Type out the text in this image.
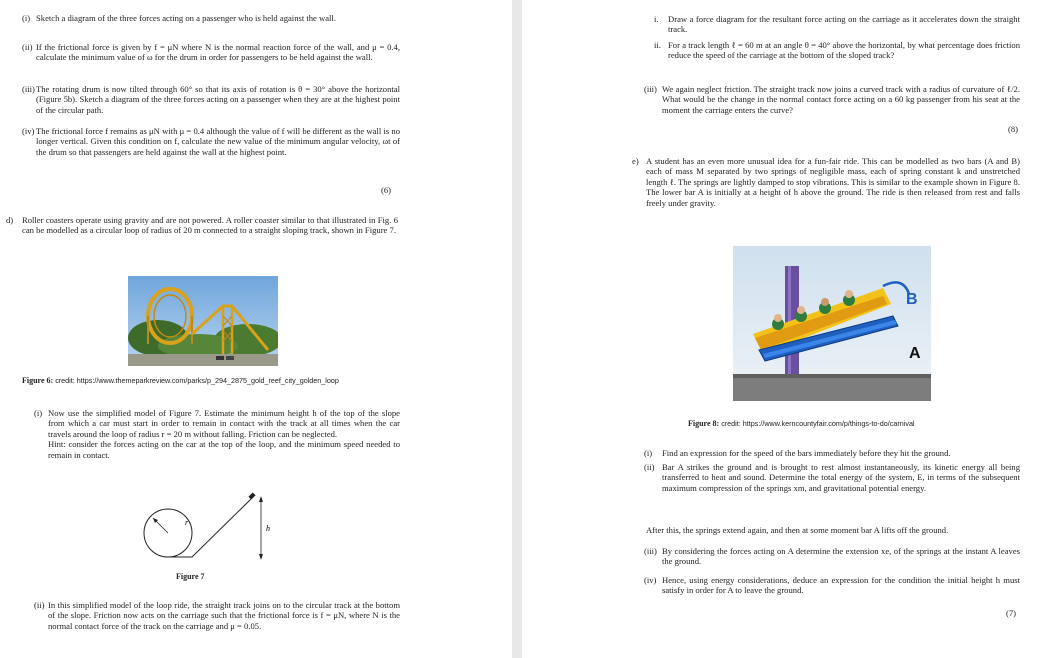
(i) Sketch a diagram of the three forces acting on a passenger who is held against the wall.
(ii) If the frictional force is given by f = μN where N is the normal reaction force of the wall, and μ = 0.4, calculate the minimum value of ω for the drum in order for passengers to be held against the wall.
(iii) The rotating drum is now tilted through 60° so that its axis of rotation is θ = 30° above the horizontal (Figure 5b). Sketch a diagram of the three forces acting on a passenger when they are at the highest point of the circular path.
(iv) The frictional force f remains as μN with μ = 0.4 although the value of f will be different as the wall is no longer vertical. Given this condition on f, calculate the new value of the minimum angular velocity, ωt of the drum so that passengers are held against the wall at the highest point.
(6)
d) Roller coasters operate using gravity and are not powered. A roller coaster similar to that illustrated in Fig. 6 can be modelled as a circular loop of radius of 20 m connected to a straight sloping track, shown in Figure 7.
Figure 6: credit: https://www.themeparkreview.com/parks/p_294_2875_gold_reef_city_golden_loop
(i) Now use the simplified model of Figure 7. Estimate the minimum height h of the top of the slope from which a car must start in order to remain in contact with the track at all times when the car travels around the loop of radius r = 20 m without falling. Friction can be neglected.
Hint: consider the forces acting on the car at the top of the loop, and the minimum speed needed to remain in contact.
r
h
Figure 7
(ii) In this simplified model of the loop ride, the straight track joins on to the circular track at the bottom of the slope. Friction now acts on the carriage such that the frictional force is f = μN, where N is the normal contact force of the track on the carriage and μ = 0.05.
i. Draw a force diagram for the resultant force acting on the carriage as it accelerates down the straight track.
ii. For a track length ℓ = 60 m at an angle θ = 40° above the horizontal, by what percentage does friction reduce the speed of the carriage at the bottom of the sloped track?
(iii) We again neglect friction. The straight track now joins a curved track with a radius of curvature of ℓ/2. What would be the change in the normal contact force acting on a 60 kg passenger from his seat at the moment the carriage enters the curve?
(8)
e) A student has an even more unusual idea for a fun-fair ride. This can be modelled as two bars (A and B) each of mass M separated by two springs of negligible mass, each of spring constant k and unstretched length ℓ. The springs are lightly damped to stop vibrations. This is similar to the example shown in Figure 8. The lower bar A is initially at a height of h above the ground. The ride is then released from rest and falls freely under gravity.
B
A
Figure 8: credit: https://www.kerncountyfair.com/p/things-to-do/carnival
(i) Find an expression for the speed of the bars immediately before they hit the ground.
(ii) Bar A strikes the ground and is brought to rest almost instantaneously, its kinetic energy all being transferred to heat and sound. Determine the total energy of the system, E, in terms of the subsequent maximum compression of the springs xm, and gravitational potential energy.
After this, the springs extend again, and then at some moment bar A lifts off the ground.
(iii) By considering the forces acting on A determine the extension xe, of the springs at the instant A leaves the ground.
(iv) Hence, using energy considerations, deduce an expression for the condition the initial height h must satisfy in order for A to leave the ground.
(7)
